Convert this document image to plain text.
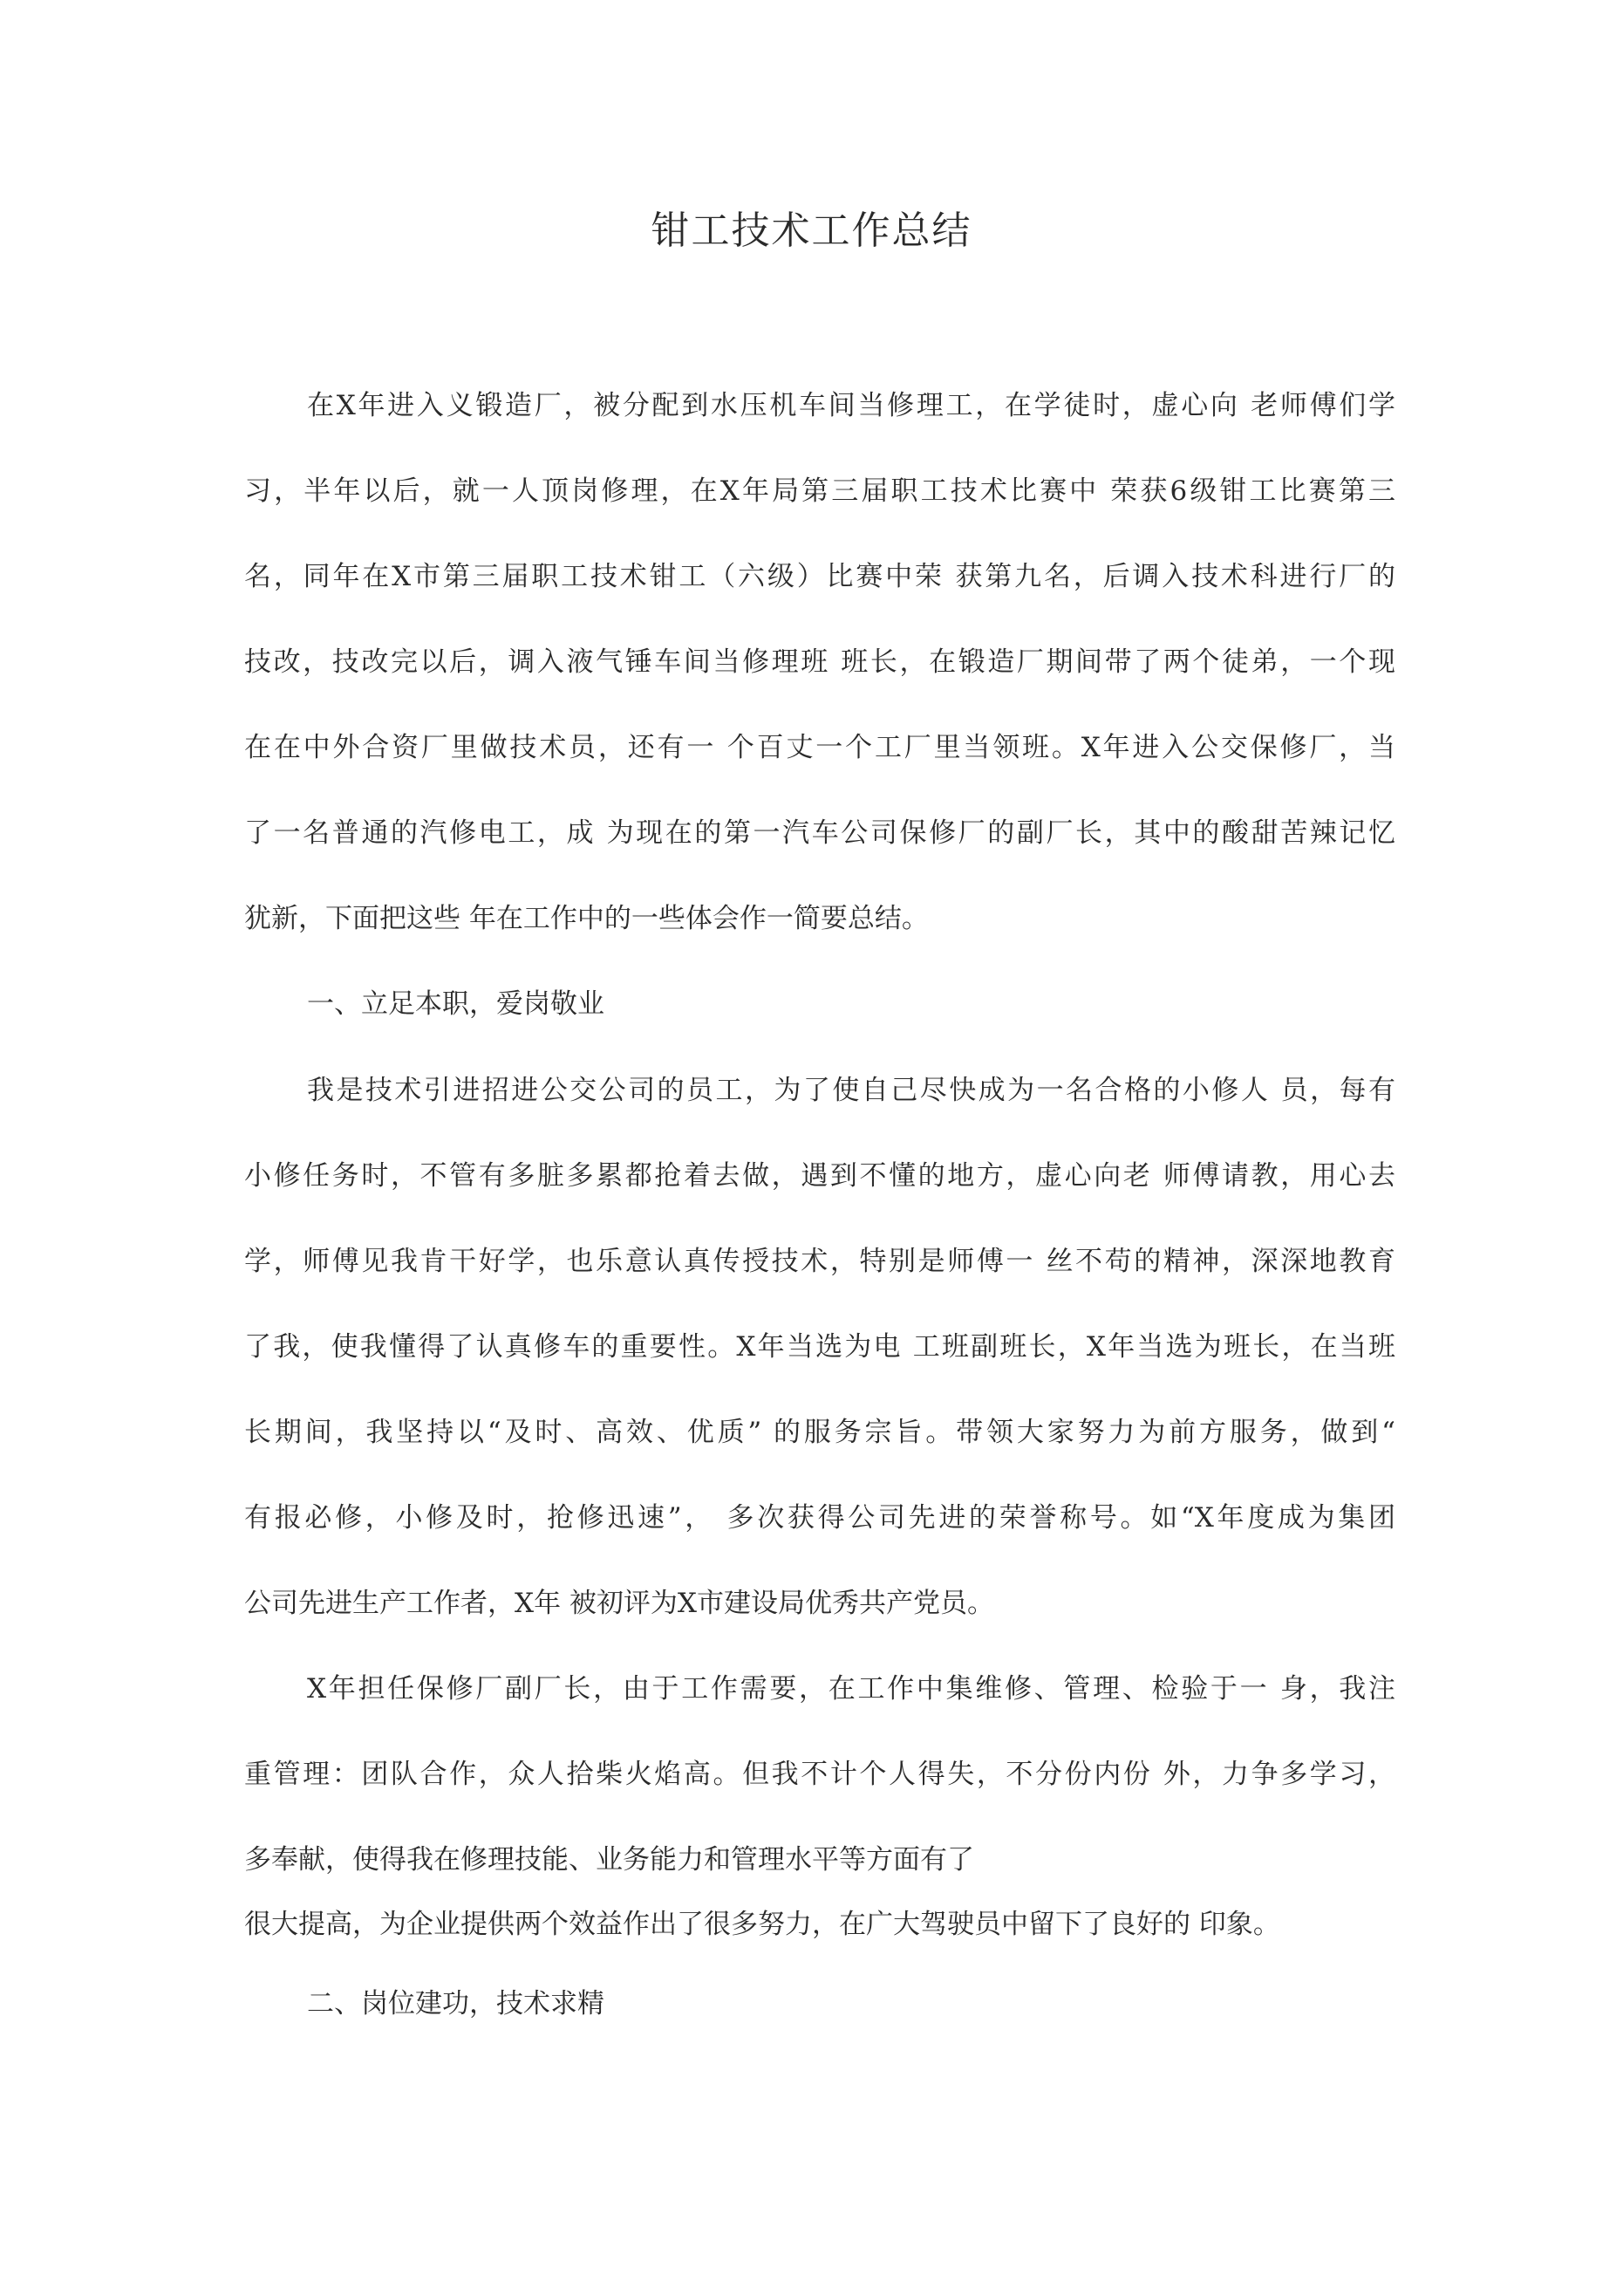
钳工技术工作总结

在X年进入义锻造厂，被分配到水压机车间当修理工，在学徒时，虚心向 老师傅们学

习，半年以后，就一人顶岗修理，在X年局第三届职工技术比赛中 荣获6级钳工比赛第三

名，同年在X市第三届职工技术钳工（六级）比赛中荣 获第九名，后调入技术科进行厂的

技改，技改完以后，调入液气锤车间当修理班 班长，在锻造厂期间带了两个徒弟，一个现

在在中外合资厂里做技术员，还有一 个百丈一个工厂里当领班。X年进入公交保修厂，当

了一名普通的汽修电工，成 为现在的第一汽车公司保修厂的副厂长，其中的酸甜苦辣记忆

犹新，下面把这些 年在工作中的一些体会作一简要总结。

一、立足本职，爱岗敬业

我是技术引进招进公交公司的员工，为了使自己尽快成为一名合格的小修人 员，每有

小修任务时，不管有多脏多累都抢着去做，遇到不懂的地方，虚心向老 师傅请教，用心去

学，师傅见我肯干好学，也乐意认真传授技术，特别是师傅一 丝不苟的精神，深深地教育

了我，使我懂得了认真修车的重要性。X年当选为电 工班副班长，X年当选为班长，在当班

长期间，我坚持以“及时、高效、优质” 的服务宗旨。带领大家努力为前方服务，做到“

有报必修，小修及时，抢修迅速”， 多次获得公司先进的荣誉称号。如“X年度成为集团

公司先进生产工作者，X年 被初评为X市建设局优秀共产党员。

X年担任保修厂副厂长，由于工作需要，在工作中集维修、管理、检验于一 身，我注

重管理：团队合作，众人拾柴火焰高。但我不计个人得失，不分份内份 外，力争多学习，

多奉献，使得我在修理技能、业务能力和管理水平等方面有了

很大提高，为企业提供两个效益作出了很多努力，在广大驾驶员中留下了良好的 印象。

二、岗位建功，技术求精
